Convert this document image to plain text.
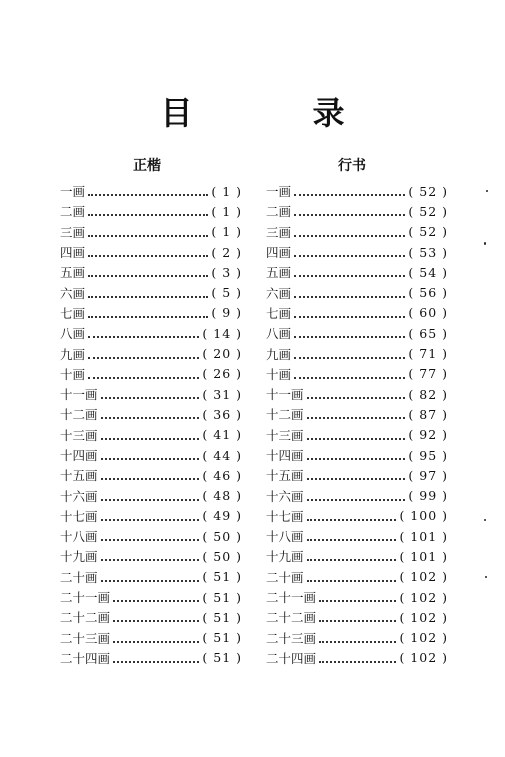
目　录
正楷	行书
一画	( 1 )
二画	( 1 )
三画	( 1 )
四画	( 2 )
五画	( 3 )
六画	( 5 )
七画	( 9 )
八画	( 14 )
九画	( 20 )
十画	( 26 )
十一画	( 31 )
十二画	( 36 )
十三画	( 41 )
十四画	( 44 )
十五画	( 46 )
十六画	( 48 )
十七画	( 49 )
十八画	( 50 )
十九画	( 50 )
二十画	( 51 )
二十一画	( 51 )
二十二画	( 51 )
二十三画	( 51 )
二十四画	( 51 )
一画	( 52 )
二画	( 52 )
三画	( 52 )
四画	( 53 )
五画	( 54 )
六画	( 56 )
七画	( 60 )
八画	( 65 )
九画	( 71 )
十画	( 77 )
十一画	( 82 )
十二画	( 87 )
十三画	( 92 )
十四画	( 95 )
十五画	( 97 )
十六画	( 99 )
十七画	( 100 )
十八画	( 101 )
十九画	( 101 )
二十画	( 102 )
二十一画	( 102 )
二十二画	( 102 )
二十三画	( 102 )
二十四画	( 102 )
